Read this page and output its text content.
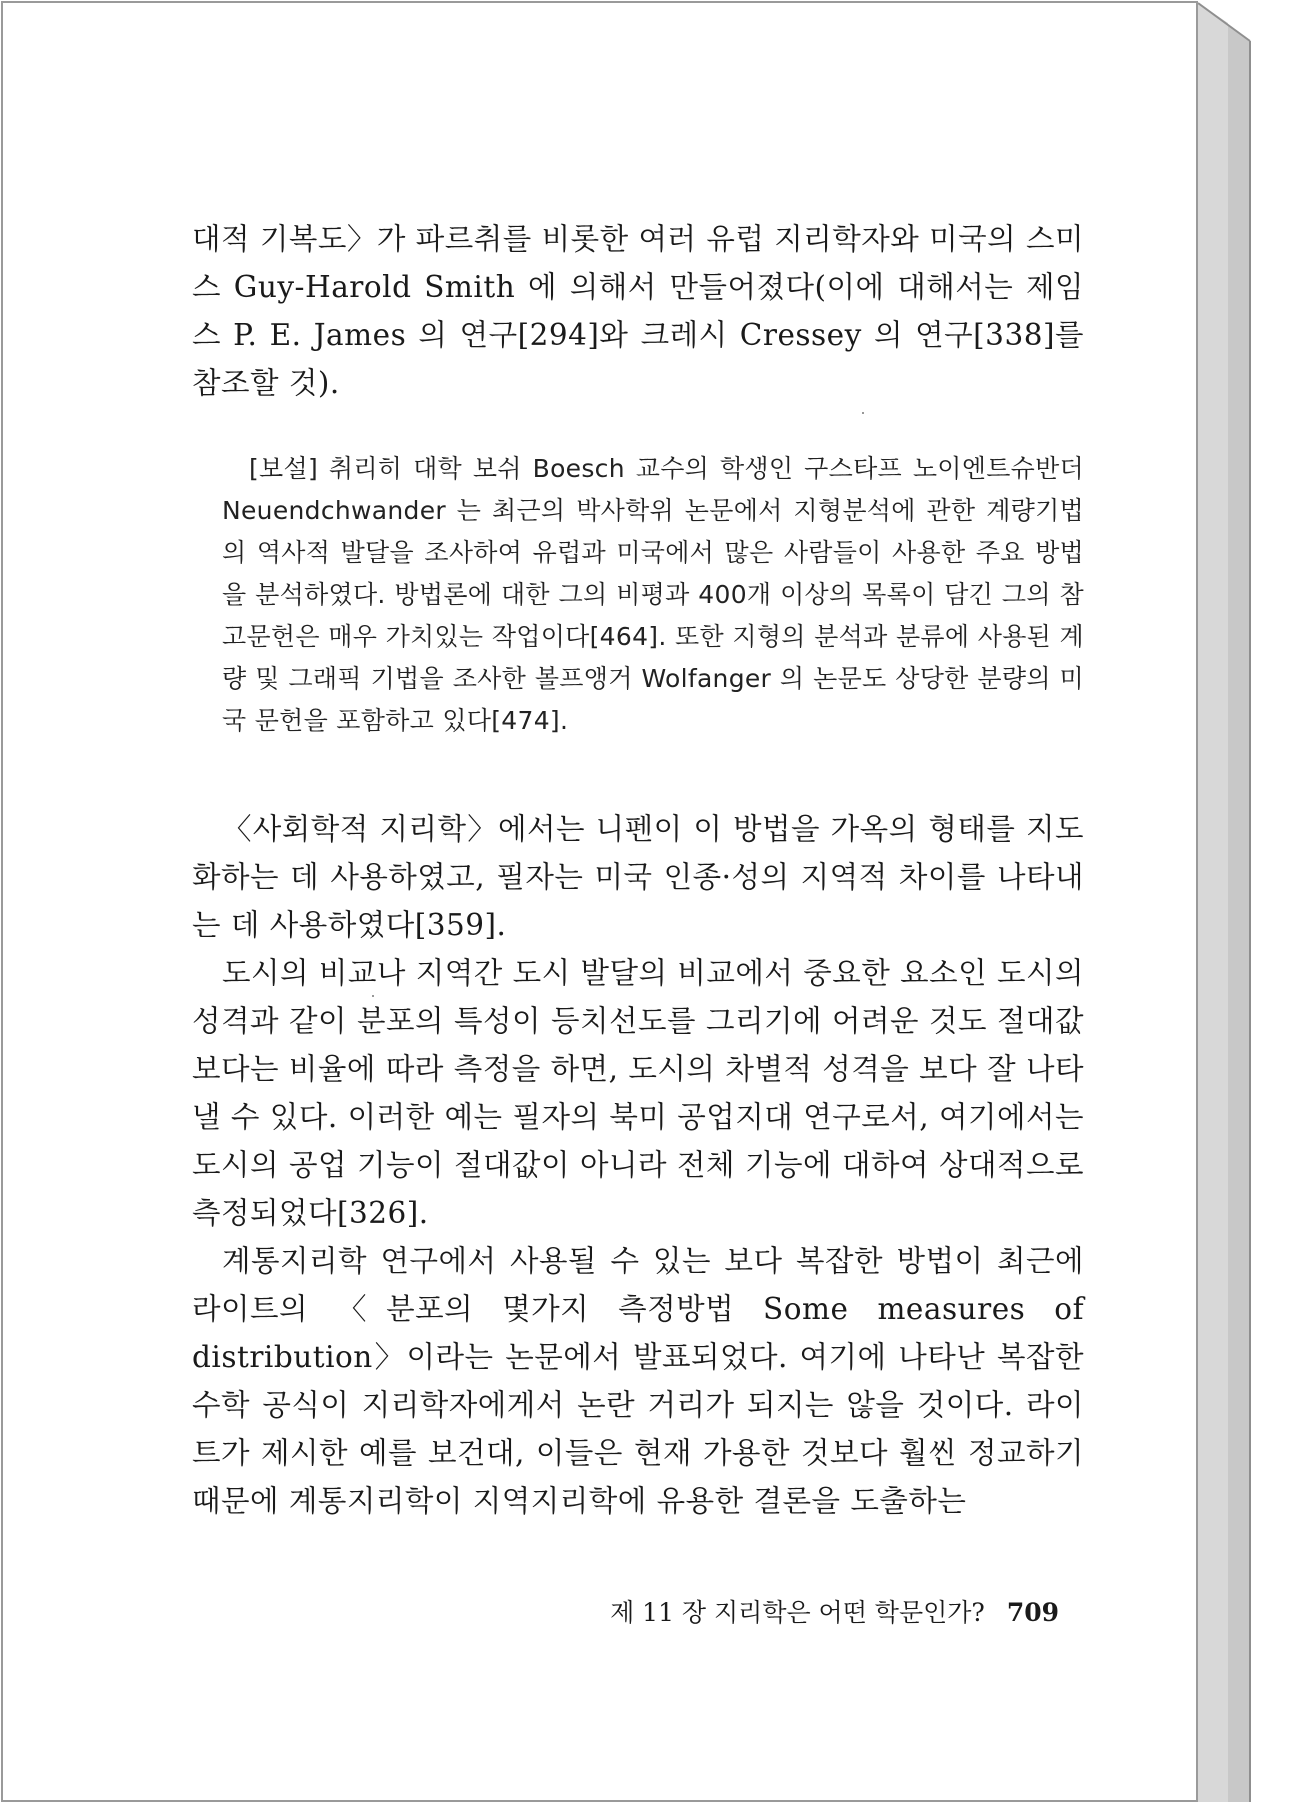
대적 기복도〉가 파르취를 비롯한 여러 유럽 지리학자와 미국의 스미스 Guy-Harold Smith 에 의해서 만들어졌다(이에 대해서는 제임스 P. E. James 의 연구[294]와 크레시 Cressey 의 연구[338]를 참조할 것).

[보설] 취리히 대학 보쉬 Boesch 교수의 학생인 구스타프 노이엔트슈반더 Neuendchwander 는 최근의 박사학위 논문에서 지형분석에 관한 계량기법의 역사적 발달을 조사하여 유럽과 미국에서 많은 사람들이 사용한 주요 방법을 분석하였다. 방법론에 대한 그의 비평과 400개 이상의 목록이 담긴 그의 참고문헌은 매우 가치있는 작업이다[464]. 또한 지형의 분석과 분류에 사용된 계량 및 그래픽 기법을 조사한 볼프앵거 Wolfanger 의 논문도 상당한 분량의 미국 문헌을 포함하고 있다[474].

〈사회학적 지리학〉에서는 니펜이 이 방법을 가옥의 형태를 지도화하는 데 사용하였고, 필자는 미국 인종·성의 지역적 차이를 나타내는 데 사용하였다[359].

도시의 비교나 지역간 도시 발달의 비교에서 중요한 요소인 도시의 성격과 같이 분포의 특성이 등치선도를 그리기에 어려운 것도 절대값보다는 비율에 따라 측정을 하면, 도시의 차별적 성격을 보다 잘 나타낼 수 있다. 이러한 예는 필자의 북미 공업지대 연구로서, 여기에서는 도시의 공업 기능이 절대값이 아니라 전체 기능에 대하여 상대적으로 측정되었다[326].

계통지리학 연구에서 사용될 수 있는 보다 복잡한 방법이 최근에 라이트의 〈분포의 몇가지 측정방법 Some measures of distribution〉이라는 논문에서 발표되었다. 여기에 나타난 복잡한 수학 공식이 지리학자에게서 논란 거리가 되지는 않을 것이다. 라이트가 제시한 예를 보건대, 이들은 현재 가용한 것보다 훨씬 정교하기 때문에 계통지리학이 지역지리학에 유용한 결론을 도출하는

제 11 장 지리학은 어떤 학문인가? 709
